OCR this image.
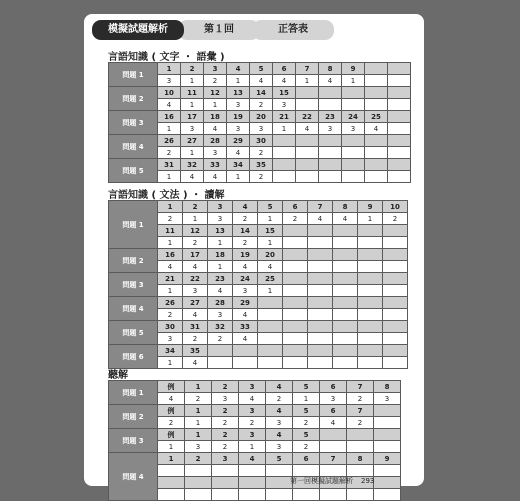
正答表
第１回
模擬試題解析
言語知識 ( 文字 ・ 語彙 )
問題 1	1	2	3	4	5	6	7	8	9		
	3	1	2	1	4	4	1	4	1		
問題 2	10	11	12	13	14	15					
	4	1	1	3	2	3					
問題 3	16	17	18	19	20	21	22	23	24	25	
	1	3	4	3	3	1	4	3	3	4	
問題 4	26	27	28	29	30						
	2	1	3	4	2						
問題 5	31	32	33	34	35						
	1	4	4	1	2						
言語知識 ( 文法 ) ・ 讀解
問題 1	1	2	3	4	5	6	7	8	9	10
	2	1	3	2	1	2	4	4	1	2
	11	12	13	14	15					
	1	2	1	2	1					
問題 2	16	17	18	19	20					
	4	4	1	4	4					
問題 3	21	22	23	24	25					
	1	3	4	3	1					
問題 4	26	27	28	29						
	2	4	3	4						
問題 5	30	31	32	33						
	3	2	2	4						
問題 6	34	35								
	1	4								
聽解
問題 1	例	1	2	3	4	5	6	7	8
	4	2	3	4	2	1	3	2	3
問題 2	例	1	2	3	4	5	6	7	
	2	1	2	2	3	2	4	2	
問題 3	例	1	2	3	4	5			
	1	3	2	1	3	2			
問題 4	1	2	3	4	5	6	7	8	9

第一回模擬試題解析 293
